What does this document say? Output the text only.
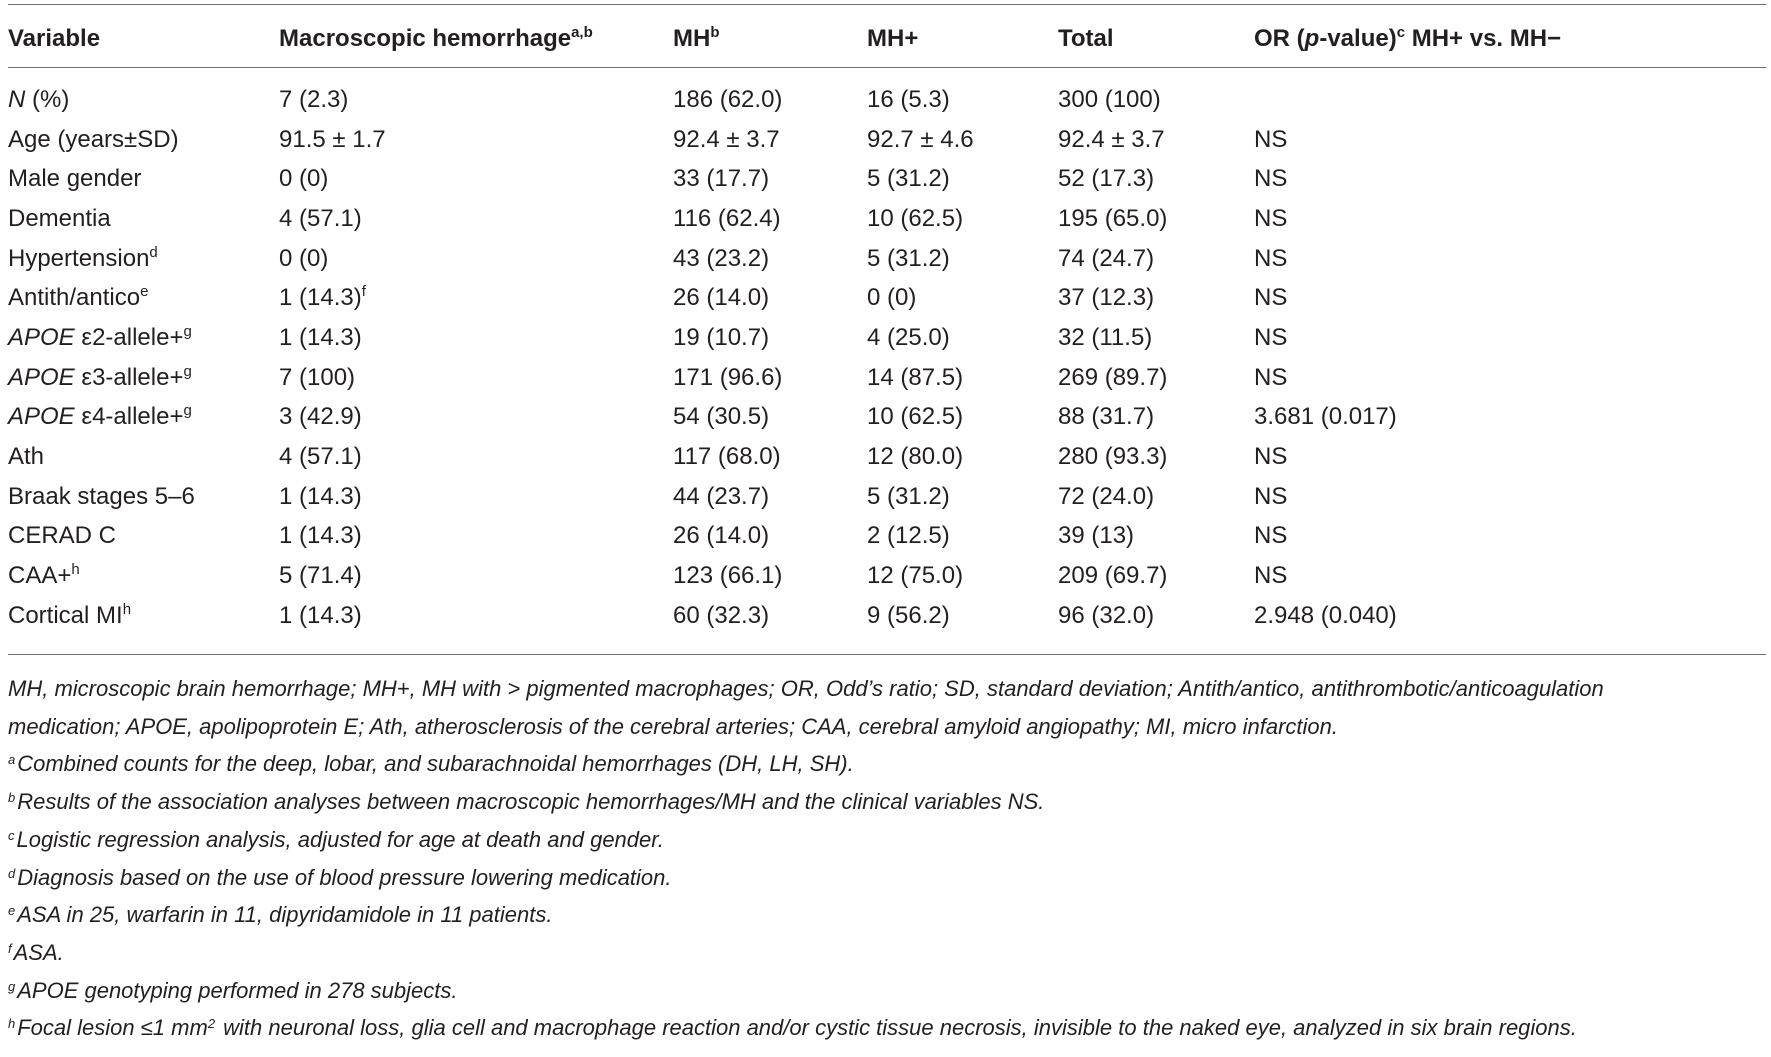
Variable	Macroscopic hemorrhage$^{a,b}$	$MH^b$	MH+	Total	OR (p-value)$^c$ MH+ vs. MH−
N (%)	7 (2.3)	186 (62.0)	16 (5.3)	300 (100)	
Age (years±SD)	91.5 ± 1.7	92.4 ± 3.7	92.7 ± 4.6	92.4 ± 3.7	NS
Male gender	0 (0)	33 (17.7)	5 (31.2)	52 (17.3)	NS
Dementia	4 (57.1)	116 (62.4)	10 (62.5)	195 (65.0)	NS
Hypertension$^d$	0 (0)	43 (23.2)	5 (31.2)	74 (24.7)	NS
Antith/antico$^e$	1 $(14.3)^f$	26 (14.0)	0 (0)	37 (12.3)	NS
APOE ε2-allele+$^g$	1 (14.3)	19 (10.7)	4 (25.0)	32 (11.5)	NS
APOE ε3-allele+$^g$	7 (100)	171 (96.6)	14 (87.5)	269 (89.7)	NS
APOE ε4-allele+$^g$	3 (42.9)	54 (30.5)	10 (62.5)	88 (31.7)	3.681 (0.017)
Ath	4 (57.1)	117 (68.0)	12 (80.0)	280 (93.3)	NS
Braak stages 5–6	1 (14.3)	44 (23.7)	5 (31.2)	72 (24.0)	NS
CERAD C	1 (14.3)	26 (14.0)	2 (12.5)	39 (13)	NS
CAA+$^h$	5 (71.4)	123 (66.1)	12 (75.0)	209 (69.7)	NS
Cortical $MI^h$	1 (14.3)	60 (32.3)	9 (56.2)	96 (32.0)	2.948 (0.040)

MH, microscopic brain hemorrhage; MH+, MH with > pigmented macrophages; OR, Odd’s ratio; SD, standard deviation; Antith/antico, antithrombotic/anticoagulation

medication; APOE, apolipoprotein E; Ath, atherosclerosis of the cerebral arteries; CAA, cerebral amyloid angiopathy; MI, micro infarction.

$^a$Combined counts for the deep, lobar, and subarachnoidal hemorrhages (DH, LH, SH).

$^b$Results of the association analyses between macroscopic hemorrhages/MH and the clinical variables NS.

$^c$Logistic regression analysis, adjusted for age at death and gender.

$^d$Diagnosis based on the use of blood pressure lowering medication.

$^e$ASA in 25, warfarin in 11, dipyridamidole in 11 patients.

$^f$ASA.

$^g$APOE genotyping performed in 278 subjects.

$^h$Focal lesion ≤1 $mm^2$ with neuronal loss, glia cell and macrophage reaction and/or cystic tissue necrosis, invisible to the naked eye, analyzed in six brain regions.
